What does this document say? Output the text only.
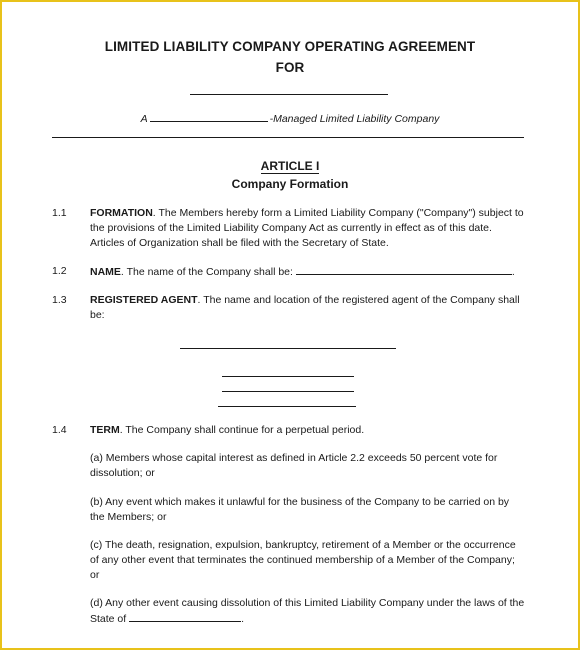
LIMITED LIABILITY COMPANY OPERATING AGREEMENT
FOR
A	-Managed Limited Liability Company
ARTICLE I
Company Formation
1.1 FORMATION. The Members hereby form a Limited Liability Company ("Company") subject to the provisions of the Limited Liability Company Act as currently in effect as of this date. Articles of Organization shall be filed with the Secretary of State.
1.2 NAME. The name of the Company shall be:	.
1.3 REGISTERED AGENT. The name and location of the registered agent of the Company shall be:
1.4 TERM. The Company shall continue for a perpetual period.
(a) Members whose capital interest as defined in Article 2.2 exceeds 50 percent vote for dissolution; or
(b) Any event which makes it unlawful for the business of the Company to be carried on by the Members; or
(c) The death, resignation, expulsion, bankruptcy, retirement of a Member or the occurrence of any other event that terminates the continued membership of a Member of the Company; or
(d) Any other event causing dissolution of this Limited Liability Company under the laws of the State of	.
